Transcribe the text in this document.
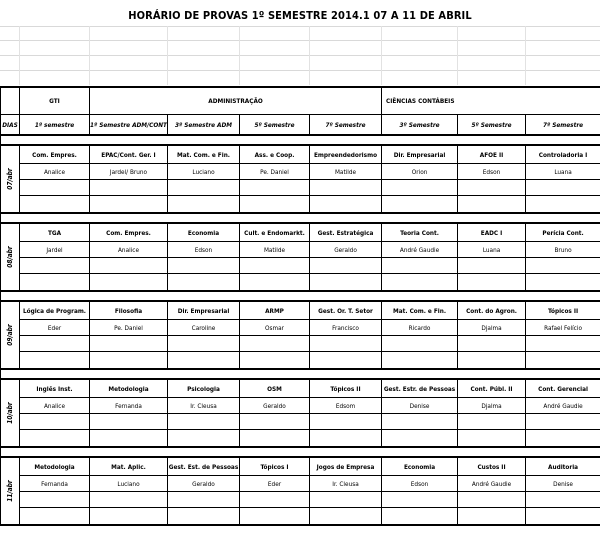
HORÁRIO DE PROVAS 1º SEMESTRE 2014.1 07 A 11 DE ABRIL
	GTI	ADMINISTRAÇÃO				CIÊNCIAS CONTÁBEIS		
DIAS	1º semestre	1º Semestre ADM/CONT	3º Semestre ADM	5º Semestre	7º Semestre	3º Semestre	5º Semestre	7º Semestre

07/abr	Com. Empres.	EPAC/Cont. Ger. I	Mat. Com. e Fin.	Ass. e Coop.	Empreendedorismo	Dir. Empresarial	AFOE II	Controladoria I
	Analice	Jardel/ Bruno	Luciano	Pe. Daniel	Matilde	Orion	Edson	Luana

08/abr	TGA	Com. Empres.	Economia	Cult. e Endomarkt.	Gest. Estratégica	Teoria Cont.	EADC I	Perícia Cont.
	Jardel	Analice	Edson	Matilde	Geraldo	André Gaudie	Luana	Bruno

09/abr	Lógica de Program.	Filosofia	Dir. Empresarial	ARMP	Gest. Or. T. Setor	Mat. Com. e Fin.	Cont. do Agron.	Tópicos II
	Eder	Pe. Daniel	Caroline	Osmar	Francisco	Ricardo	Djalma	Rafael Felício

10/abr	Inglês Inst.	Metodologia	Psicologia	OSM	Tópicos II	Gest. Estr. de Pessoas	Cont. Públ. II	Cont. Gerencial
	Analice	Fernanda	Ir. Cleusa	Geraldo	Edsom	Denise	Djalma	André Gaudie

11/abr	Metodologia	Mat. Aplic.	Gest. Est. de Pessoas	Tópicos I	Jogos de Empresa	Economia	Custos II	Auditoria
	Fernanda	Luciano	Geraldo	Eder	Ir. Cleusa	Edson	André Gaudie	Denise
